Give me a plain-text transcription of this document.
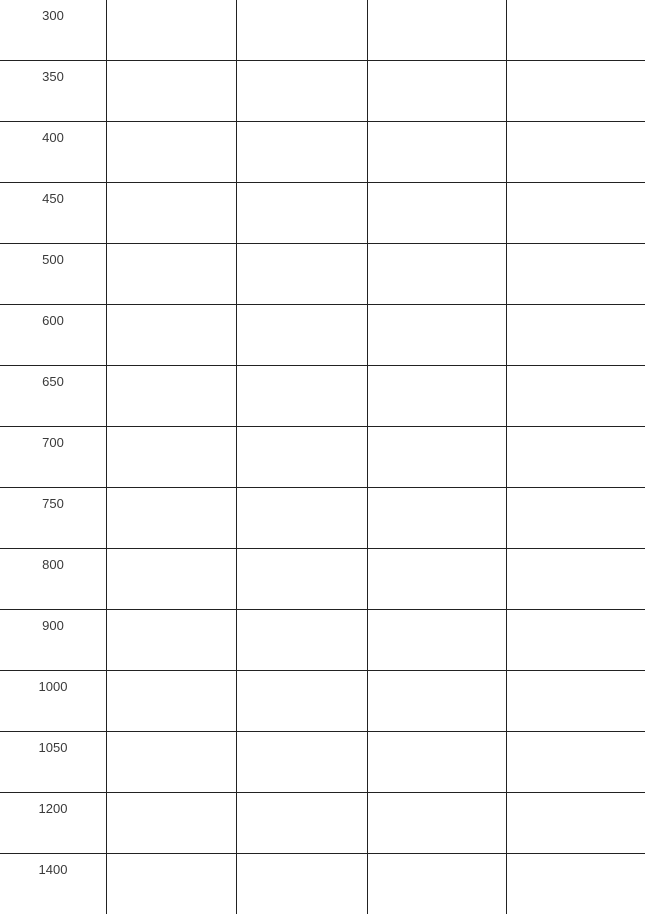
300
350
400
450
500
600
650
700
750
800
900
1000
1050
1200
1400
